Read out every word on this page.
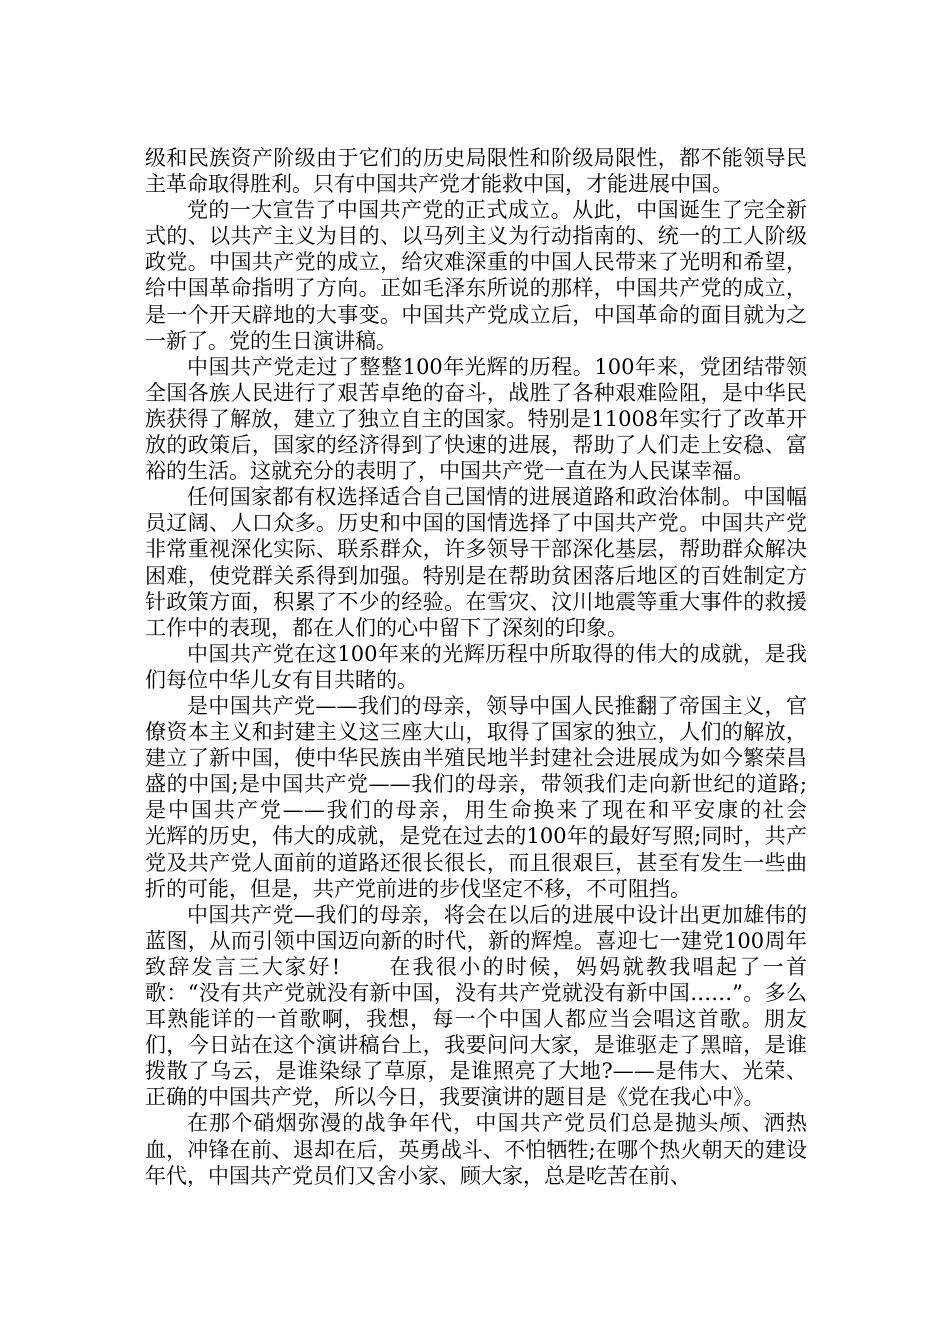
级和民族资产阶级由于它们的历史局限性和阶级局限性，都不能领导民主革命取得胜利。只有中国共产党才能救中国，才能进展中国。

党的一大宣告了中国共产党的正式成立。从此，中国诞生了完全新式的、以共产主义为目的、以马列主义为行动指南的、统一的工人阶级政党。中国共产党的成立，给灾难深重的中国人民带来了光明和希望，给中国革命指明了方向。正如毛泽东所说的那样，中国共产党的成立，是一个开天辟地的大事变。中国共产党成立后，中国革命的面目就为之一新了。党的生日演讲稿。

中国共产党走过了整整100年光辉的历程。100年来，党团结带领全国各族人民进行了艰苦卓绝的奋斗，战胜了各种艰难险阻，是中华民族获得了解放，建立了独立自主的国家。特别是11008年实行了改革开放的政策后，国家的经济得到了快速的进展，帮助了人们走上安稳、富裕的生活。这就充分的表明了，中国共产党一直在为人民谋幸福。

任何国家都有权选择适合自己国情的进展道路和政治体制。中国幅员辽阔、人口众多。历史和中国的国情选择了中国共产党。中国共产党非常重视深化实际、联系群众，许多领导干部深化基层，帮助群众解决困难，使党群关系得到加强。特别是在帮助贫困落后地区的百姓制定方针政策方面，积累了不少的经验。在雪灾、汶川地震等重大事件的救援工作中的表现，都在人们的心中留下了深刻的印象。

中国共产党在这100年来的光辉历程中所取得的伟大的成就，是我们每位中华儿女有目共睹的。

是中国共产党——我们的母亲，领导中国人民推翻了帝国主义，官僚资本主义和封建主义这三座大山，取得了国家的独立，人们的解放，建立了新中国，使中华民族由半殖民地半封建社会进展成为如今繁荣昌盛的中国;是中国共产党——我们的母亲，带领我们走向新世纪的道路;是中国共产党——我们的母亲，用生命换来了现在和平安康的社会　　光辉的历史，伟大的成就，是党在过去的100年的最好写照;同时，共产党及共产党人面前的道路还很长很长，而且很艰巨，甚至有发生一些曲折的可能，但是，共产党前进的步伐坚定不移，不可阻挡。

中国共产党—我们的母亲，将会在以后的进展中设计出更加雄伟的蓝图，从而引领中国迈向新的时代，新的辉煌。喜迎七一建党100周年致辞发言三大家好!　　在我很小的时候，妈妈就教我唱起了一首歌：“没有共产党就没有新中国，没有共产党就没有新中国……”。多么耳熟能详的一首歌啊，我想，每一个中国人都应当会唱这首歌。朋友们，今日站在这个演讲稿台上，我要问问大家，是谁驱走了黑暗，是谁拨散了乌云，是谁染绿了草原，是谁照亮了大地?——是伟大、光荣、正确的中国共产党，所以今日，我要演讲的题目是《党在我心中》。

在那个硝烟弥漫的战争年代，中国共产党员们总是抛头颅、洒热血，冲锋在前、退却在后，英勇战斗、不怕牺牲;在哪个热火朝天的建设年代，中国共产党员们又舍小家、顾大家，总是吃苦在前、
